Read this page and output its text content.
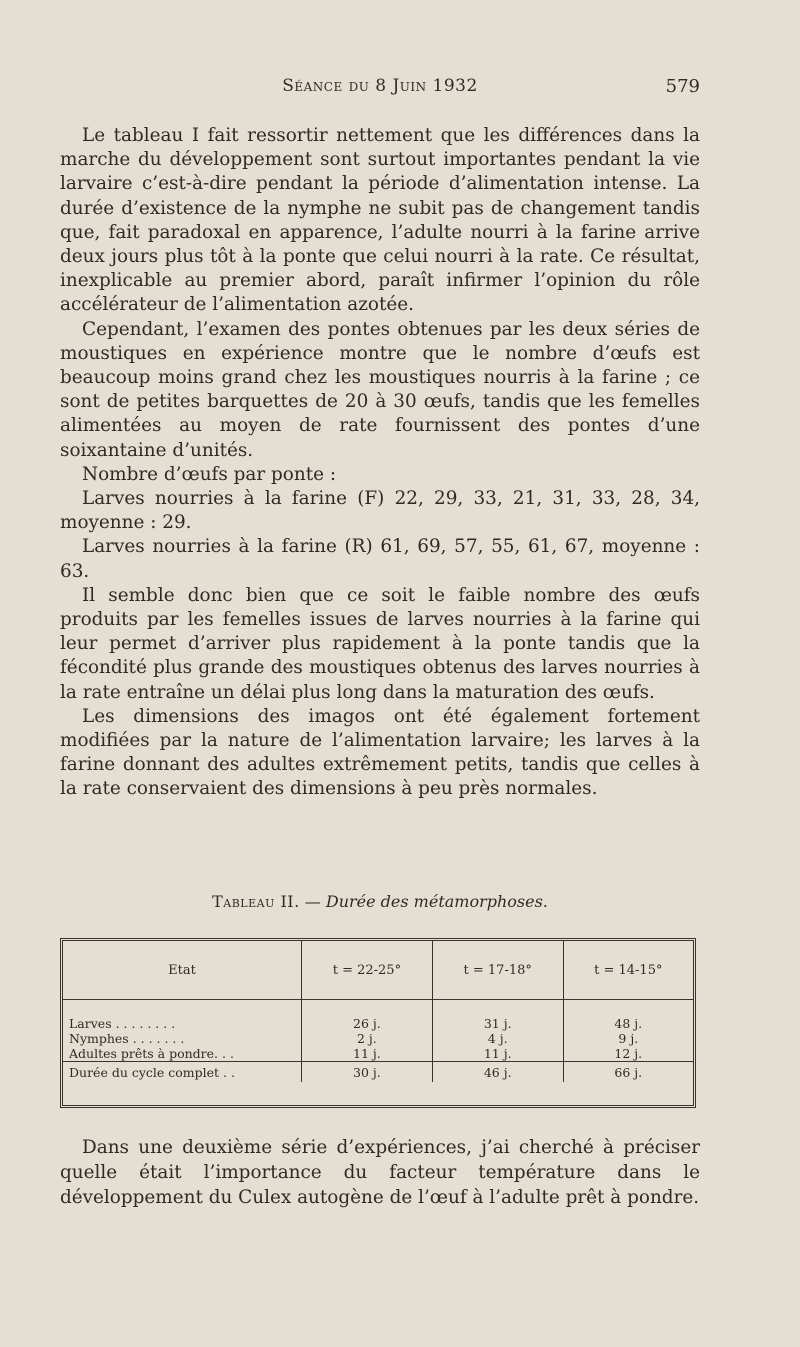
Séance du 8 Juin 1932	579

Le tableau I fait ressortir nettement que les différences dans la marche du développement sont surtout importantes pendant la vie larvaire c’est-à-dire pendant la période d’alimentation intense. La durée d’existence de la nymphe ne subit pas de changement tandis que, fait paradoxal en apparence, l’adulte nourri à la farine arrive deux jours plus tôt à la ponte que celui nourri à la rate. Ce résultat, inexplicable au premier abord, paraît infirmer l’opinion du rôle accélérateur de l’alimentation azotée.

Cependant, l’examen des pontes obtenues par les deux séries de moustiques en expérience montre que le nombre d’œufs est beaucoup moins grand chez les moustiques nourris à la farine ; ce sont de petites barquettes de 20 à 30 œufs, tandis que les femelles alimentées au moyen de rate fournissent des pontes d’une soixantaine d’unités.

Nombre d’œufs par ponte :

Larves nourries à la farine (F) 22, 29, 33, 21, 31, 33, 28, 34, moyenne : 29.

Larves nourries à la farine (R) 61, 69, 57, 55, 61, 67, moyenne : 63.

Il semble donc bien que ce soit le faible nombre des œufs produits par les femelles issues de larves nourries à la farine qui leur permet d’arriver plus rapidement à la ponte tandis que la fécondité plus grande des moustiques obtenus des larves nourries à la rate entraîne un délai plus long dans la maturation des œufs.

Les dimensions des imagos ont été également fortement modifiées par la nature de l’alimentation larvaire; les larves à la farine donnant des adultes extrêmement petits, tandis que celles à la rate conservaient des dimensions à peu près normales.

Tableau II. — Durée des métamorphoses.
Etat	t = 22-25°	t = 17-18°	t = 14-15°

Larves . . . . . . . .	26 j.	31 j.	48 j.
Nymphes . . . . . . .	2 j.	4 j.	9 j.
Adultes prêts à pondre. . .	11 j.	11 j.	12 j.
Durée du cycle complet . .	30 j.	46 j.	66 j.

Dans une deuxième série d’expériences, j’ai cherché à préciser quelle était l’importance du facteur température dans le développement du Culex autogène de l’œuf à l’adulte prêt à pondre.
